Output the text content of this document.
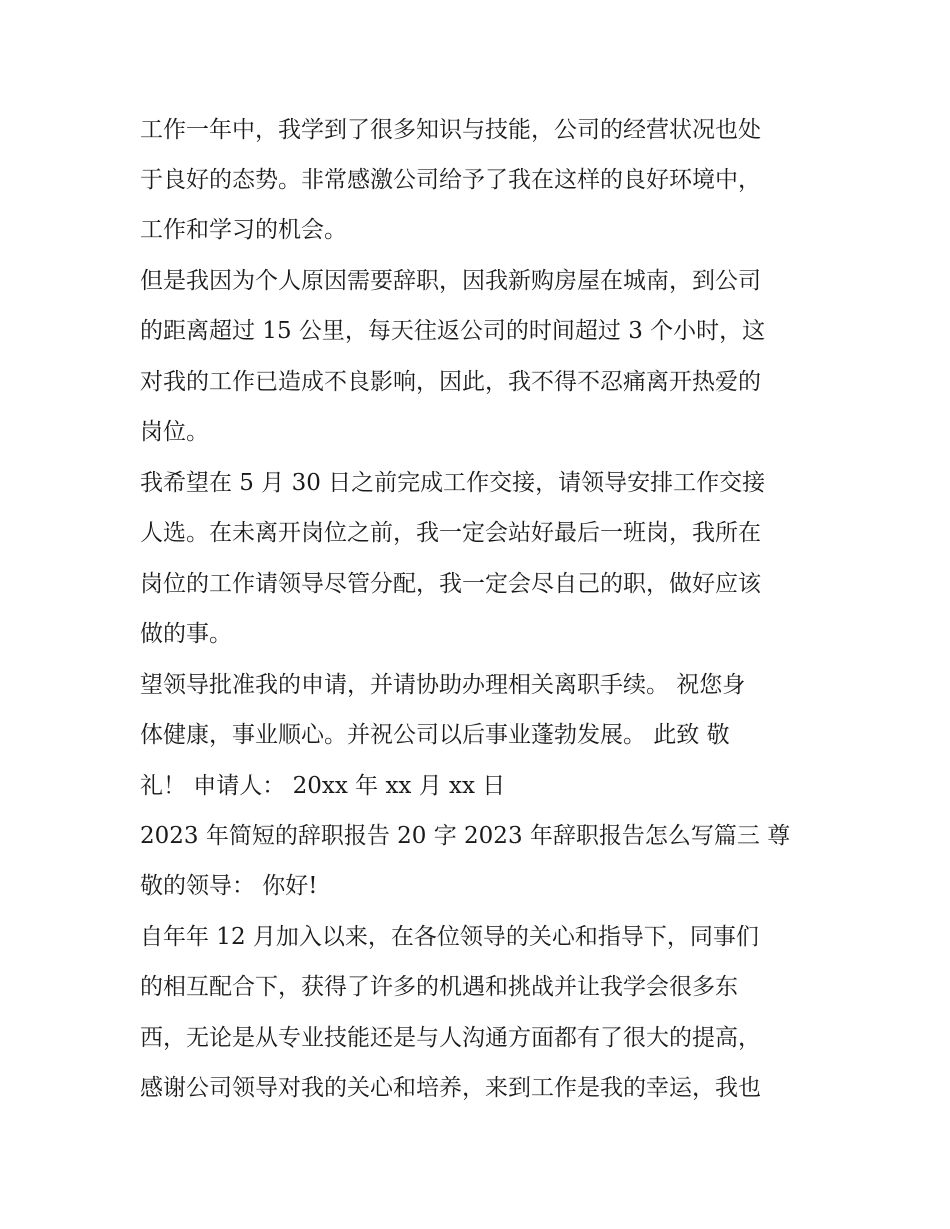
工作一年中，我学到了很多知识与技能，公司的经营状况也处
于良好的态势。非常感激公司给予了我在这样的良好环境中，
工作和学习的机会。
但是我因为个人原因需要辞职，因我新购房屋在城南，到公司
的距离超过 15 公里，每天往返公司的时间超过 3 个小时，这
对我的工作已造成不良影响，因此，我不得不忍痛离开热爱的
岗位。
我希望在 5 月 30 日之前完成工作交接，请领导安排工作交接
人选。在未离开岗位之前，我一定会站好最后一班岗，我所在
岗位的工作请领导尽管分配，我一定会尽自己的职，做好应该
做的事。
望领导批准我的申请，并请协助办理相关离职手续。 祝您身
体健康，事业顺心。并祝公司以后事业蓬勃发展。 此致 敬
礼！ 申请人： 20xx 年 xx 月 xx 日
2023 年简短的辞职报告 20 字 2023 年辞职报告怎么写篇三 尊
敬的领导： 你好!
自年年 12 月加入以来，在各位领导的关心和指导下，同事们
的相互配合下，获得了许多的机遇和挑战并让我学会很多东
西，无论是从专业技能还是与人沟通方面都有了很大的提高，
感谢公司领导对我的关心和培养，来到工作是我的幸运，我也
